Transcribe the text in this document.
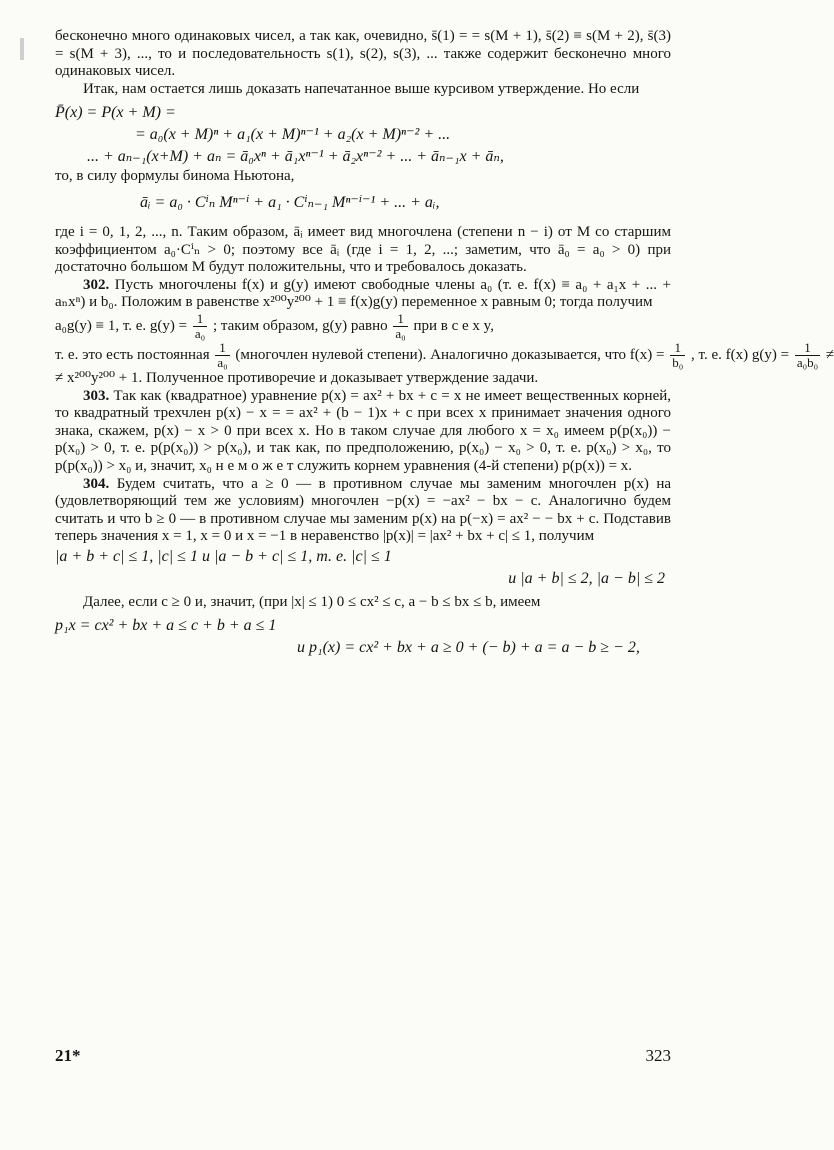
бесконечно много одинаковых чисел, а так как, очевидно, s̄(1) = = s(M + 1), s̄(2) ≡ s(M + 2), s̄(3) = s(M + 3), ..., то и последовательность s(1), s(2), s(3), ... также содержит бесконечно много одинаковых чисел.

Итак, нам остается лишь доказать напечатанное выше курсивом утверждение. Но если

P̄(x) = P(x + M) =

= a₀(x + M)ⁿ + a₁(x + M)ⁿ⁻¹ + a₂(x + M)ⁿ⁻² + ...

... + aₙ₋₁(x+M) + aₙ = ā₀xⁿ + ā₁xⁿ⁻¹ + ā₂xⁿ⁻² + ... + āₙ₋₁x + āₙ,

то, в силу формулы бинома Ньютона,

āᵢ = a₀ · Cⁱₙ Mⁿ⁻ⁱ + a₁ · Cⁱₙ₋₁ Mⁿ⁻ⁱ⁻¹ + ... + aᵢ,

где i = 0, 1, 2, ..., n. Таким образом, āᵢ имеет вид многочлена (степени n − i) от M со старшим коэффициентом a₀·Cⁱₙ > 0; поэтому все āᵢ (где i = 1, 2, ...; заметим, что ā₀ = a₀ > 0) при достаточно большом M будут положительны, что и требовалось доказать.

302. Пусть многочлены f(x) и g(y) имеют свободные члены a₀ (т. е. f(x) ≡ a₀ + a₁x + ... + aₙxⁿ) и b₀. Положим в равенстве x²⁰⁰y²⁰⁰ + 1 ≡ f(x)g(y) переменное x равным 0; тогда получим

a₀g(y) ≡ 1, т. е. $g(y) = \frac{1}{\text{a₀}}$ ; таким образом, g(y) равно $\frac{1}{\text{a₀}}$ при в с е х y,

т. е. это есть постоянная $\frac{1}{\text{a₀}}$ (многочлен нулевой степени). Аналогично доказывается, что $f(x) = \frac{1}{\text{b₀}}$ , т. е. f(x) $g(y) = \frac{1}{\text{a₀b₀}}$ ≠

≠ x²⁰⁰y²⁰⁰ + 1. Полученное противоречие и доказывает утверждение задачи.

303. Так как (квадратное) уравнение p(x) = ax² + bx + c = x не имеет вещественных корней, то квадратный трехчлен p(x) − x = = ax² + (b − 1)x + c при всех x принимает значения одного знака, скажем, p(x) − x > 0 при всех x. Но в таком случае для любого x = x₀ имеем p(p(x₀)) − p(x₀) > 0, т. е. p(p(x₀)) > p(x₀), и так как, по предположению, p(x₀) − x₀ > 0, т. е. p(x₀) > x₀, то p(p(x₀)) > x₀ и, значит, x₀ н е м о ж е т служить корнем уравнения (4-й степени) p(p(x)) = x.

304. Будем считать, что a ≥ 0 — в противном случае мы заменим многочлен p(x) на (удовлетворяющий тем же условиям) многочлен −p(x) = −ax² − bx − c. Аналогично будем считать и что b ≥ 0 — в противном случае мы заменим p(x) на p(−x) = ax² − − bx + c. Подставив теперь значения x = 1, x = 0 и x = −1 в неравенство |p(x)| = |ax² + bx + c| ≤ 1, получим

|a + b + c| ≤ 1, |c| ≤ 1 и |a − b + c| ≤ 1, т. е. |c| ≤ 1

и |a + b| ≤ 2, |a − b| ≤ 2

Далее, если c ≥ 0 и, значит, (при |x| ≤ 1) 0 ≤ cx² ≤ c, а − b ≤ bx ≤ b, имеем

p₁x = cx² + bx + a ≤ c + b + a ≤ 1

и p₁(x) = cx² + bx + a ≥ 0 + (− b) + a = a − b ≥ − 2,

21*	323
